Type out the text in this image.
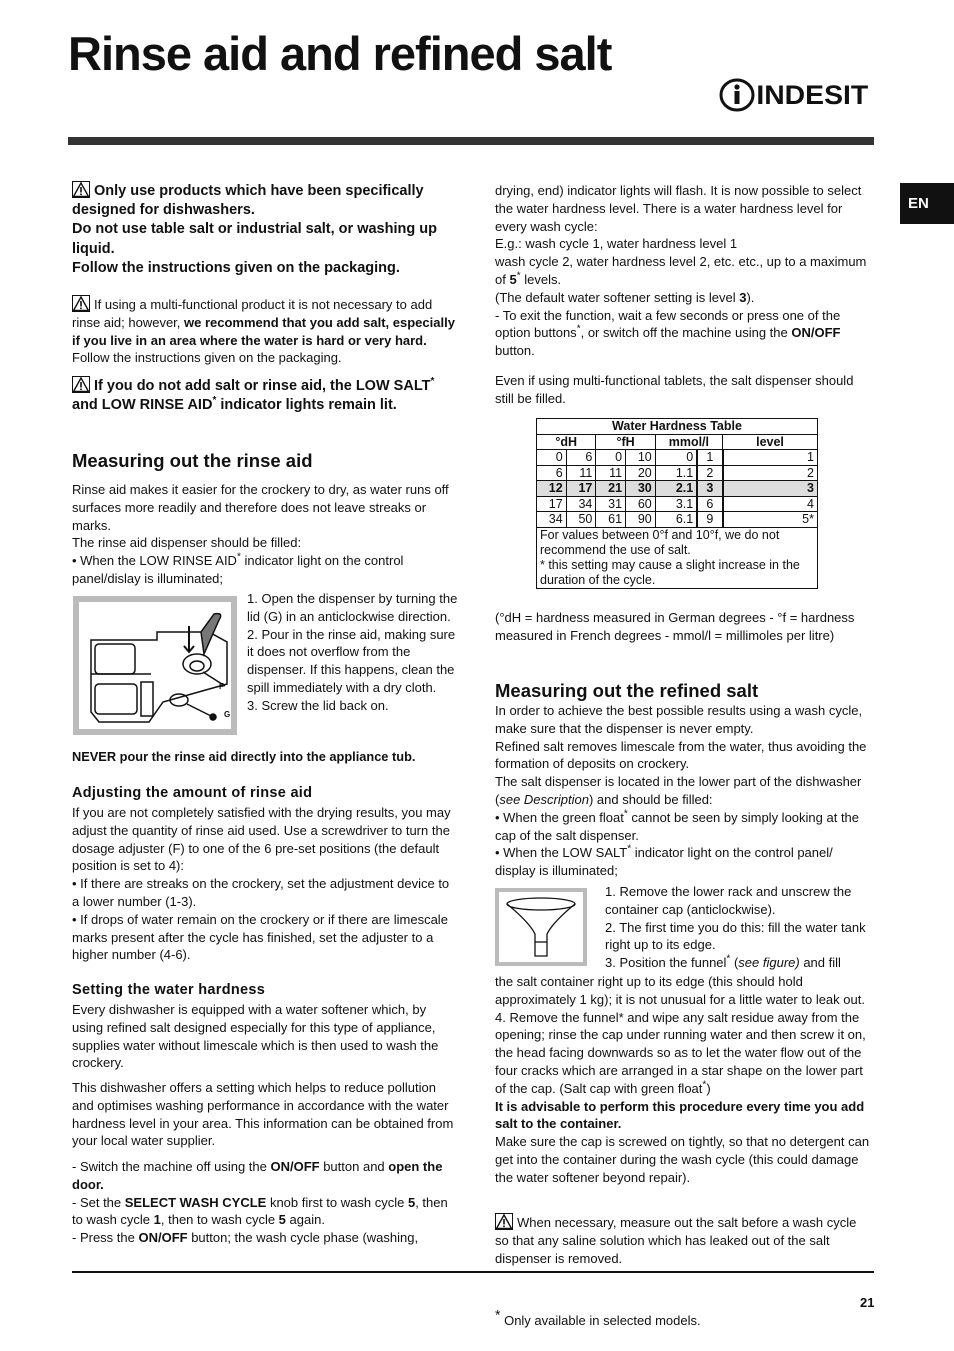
Rinse aid and refined salt
INDESIT
EN
Only use products which have been specifically designed for dishwashers.
Do not use table salt or industrial salt, or washing up liquid.
Follow the instructions given on the packaging.
If using a multi-functional product it is not necessary to add rinse aid; however, we recommend that you add salt, especially if you live in an area where the water is hard or very hard. Follow the instructions given on the packaging.
If you do not add salt or rinse aid, the LOW SALT* and LOW RINSE AID* indicator lights remain lit.
Measuring out the rinse aid
Rinse aid makes it easier for the crockery to dry, as water runs off surfaces more readily and therefore does not leave streaks or marks.
The rinse aid dispenser should be filled:
• When the LOW RINSE AID* indicator light on the control panel/dislay is illuminated;
F
G
1. Open the dispenser by turning the lid (G) in an anticlockwise direction.
2. Pour in the rinse aid, making sure it does not overflow from the dispenser. If this happens, clean the spill immediately with a dry cloth.
3. Screw the lid back on.
NEVER pour the rinse aid directly into the appliance tub.
Adjusting the amount of rinse aid
If you are not completely satisfied with the drying results, you may adjust the quantity of rinse aid used. Use a screwdriver to turn the dosage adjuster (F) to one of the 6 pre-set positions (the default position is set to 4):
• If there are streaks on the crockery, set the adjustment device to a lower number (1-3).
• If drops of water remain on the crockery or if there are limescale marks present after the cycle has finished, set the adjuster to a higher number (4-6).
Setting the water hardness
Every dishwasher is equipped with a water softener which, by using refined salt designed especially for this type of appliance, supplies water without limescale which is then used to wash the crockery.
This dishwasher offers a setting which helps to reduce pollution and optimises washing performance in accordance with the water hardness level in your area. This information can be obtained from your local water supplier.
- Switch the machine off using the ON/OFF button and open the door.
- Set the SELECT WASH CYCLE knob first to wash cycle 5, then to wash cycle 1, then to wash cycle 5 again.
- Press the ON/OFF button; the wash cycle phase (washing,
drying, end) indicator lights will flash. It is now possible to select the water hardness level. There is a water hardness level for every wash cycle:
E.g.: wash cycle 1, water hardness level 1
wash cycle 2, water hardness level 2, etc. etc., up to a maximum of 5* levels.
(The default water softener setting is level 3).
- To exit the function, wait a few seconds or press one of the option buttons*, or switch off the machine using the ON/OFF button.
Even if using multi-functional tablets, the salt dispenser should still be filled.
Water Hardness Table						
°dH		°fH		mmol/l		level
0	6	0	10	0	1	1
6	11	11	20	1.1	2	2
12	17	21	30	2.1	3	3
17	34	31	60	3.1	6	4
34	50	61	90	6.1	9	5*
For values between 0°f and 10°f, we do not recommend the use of salt.
* this setting may cause a slight increase in the duration of the cycle.						
(°dH = hardness measured in German degrees - °f = hardness measured in French degrees - mmol/l = millimoles per litre)
Measuring out the refined salt
In order to achieve the best possible results using a wash cycle, make sure that the dispenser is never empty.
Refined salt removes limescale from the water, thus avoiding the formation of deposits on crockery.
The salt dispenser is located in the lower part of the dishwasher (see Description) and should be filled:
• When the green float* cannot be seen by simply looking at the cap of the salt dispenser.
• When the LOW SALT* indicator light on the control panel/ display is illuminated;
1. Remove the lower rack and unscrew the container cap (anticlockwise).
2. The first time you do this: fill the water tank right up to its edge.
3. Position the funnel* (see figure) and fill
the salt container right up to its edge (this should hold approximately 1 kg); it is not unusual for a little water to leak out.
4. Remove the funnel* and wipe any salt residue away from the opening; rinse the cap under running water and then screw it on, the head facing downwards so as to let the water flow out of the four cracks which are arranged in a star shape on the lower part of the cap. (Salt cap with green float*)
It is advisable to perform this procedure every time you add salt to the container.
Make sure the cap is screwed on tightly, so that no detergent can get into the container during the wash cycle (this could damage the water softener beyond repair).
When necessary, measure out the salt before a wash cycle so that any saline solution which has leaked out of the salt dispenser is removed.
21
* Only available in selected models.
